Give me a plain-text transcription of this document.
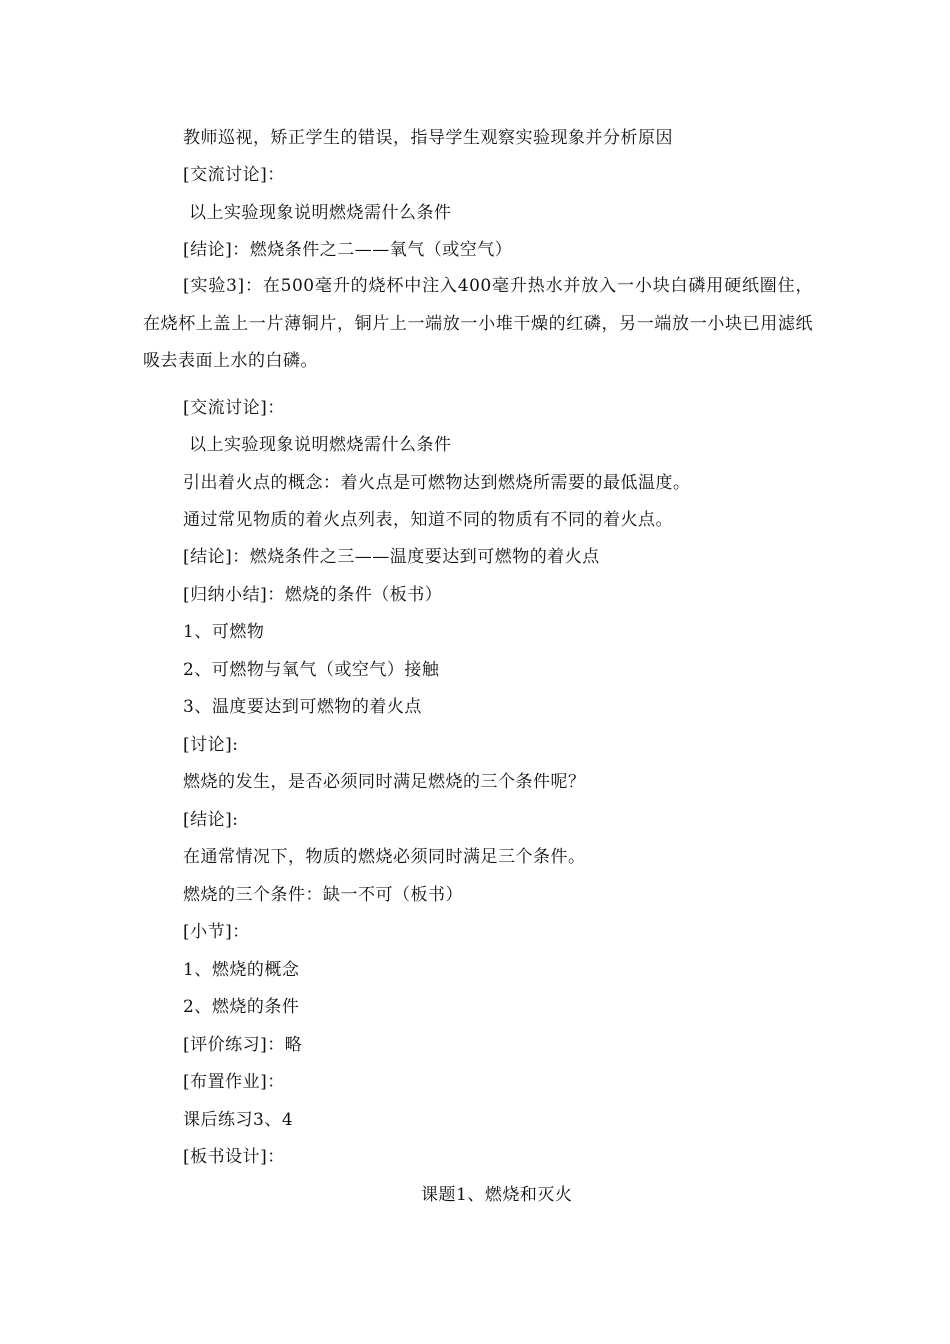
教师巡视，矫正学生的错误，指导学生观察实验现象并分析原因
[交流讨论]：
以上实验现象说明燃烧需什么条件
[结论]：燃烧条件之二——氧气（或空气）
[实验3]：在500毫升的烧杯中注入400毫升热水并放入一小块白磷用硬纸圈住，在烧杯上盖上一片薄铜片，铜片上一端放一小堆干燥的红磷，另一端放一小块已用滤纸吸去表面上水的白磷。
[交流讨论]：
以上实验现象说明燃烧需什么条件
引出着火点的概念：着火点是可燃物达到燃烧所需要的最低温度。
通过常见物质的着火点列表，知道不同的物质有不同的着火点。
[结论]：燃烧条件之三——温度要达到可燃物的着火点
[归纳小结]：燃烧的条件（板书）
1、可燃物
2、可燃物与氧气（或空气）接触
3、温度要达到可燃物的着火点
[讨论]:
燃烧的发生，是否必须同时满足燃烧的三个条件呢？
[结论]:
在通常情况下，物质的燃烧必须同时满足三个条件。
燃烧的三个条件：缺一不可（板书）
[小节]：
1、燃烧的概念
2、燃烧的条件
[评价练习]：略
[布置作业]：
课后练习3、4
[板书设计]：
课题1、燃烧和灭火
